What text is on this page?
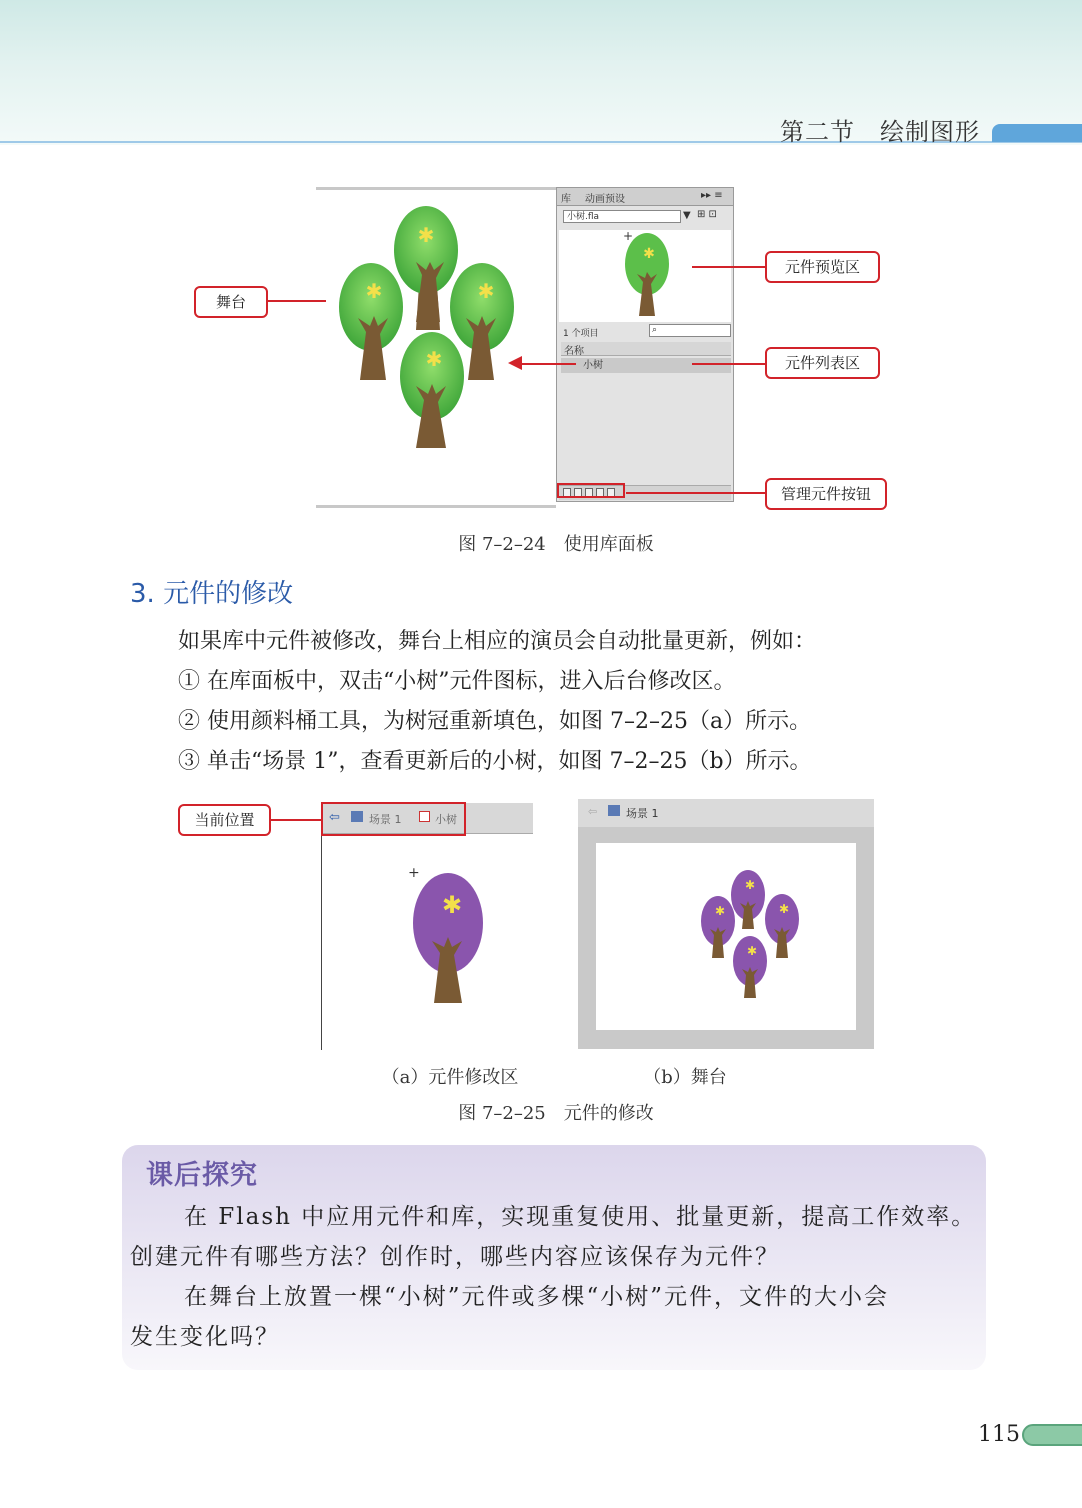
第二节　绘制图形
✱
✱	✱
✱
库 动画预设	▸▸ ≡
小树.fla	▼ ⊞ ⊡
+
✱
1 个项目	⌕
名称
小树
舞台
元件预览区
元件列表区
管理元件按钮
图 7–2–24　使用库面板
3. 元件的修改
如果库中元件被修改，舞台上相应的演员会自动批量更新，例如：
① 在库面板中，双击“小树”元件图标，进入后台修改区。
② 使用颜料桶工具，为树冠重新填色，如图 7–2–25（a）所示。
③ 单击“场景 1”，查看更新后的小树，如图 7–2–25（b）所示。
+
✱
⇦	场景 1	小树
当前位置	⇦	场景 1
✱
✱	✱
✱
（a）元件修改区	（b）舞台
图 7–2–25　元件的修改
课后探究
在 Flash 中应用元件和库，实现重复使用、批量更新，提高工作效率。
创建元件有哪些方法？创作时，哪些内容应该保存为元件？
在舞台上放置一棵“小树”元件或多棵“小树”元件，文件的大小会
发生变化吗？
115
